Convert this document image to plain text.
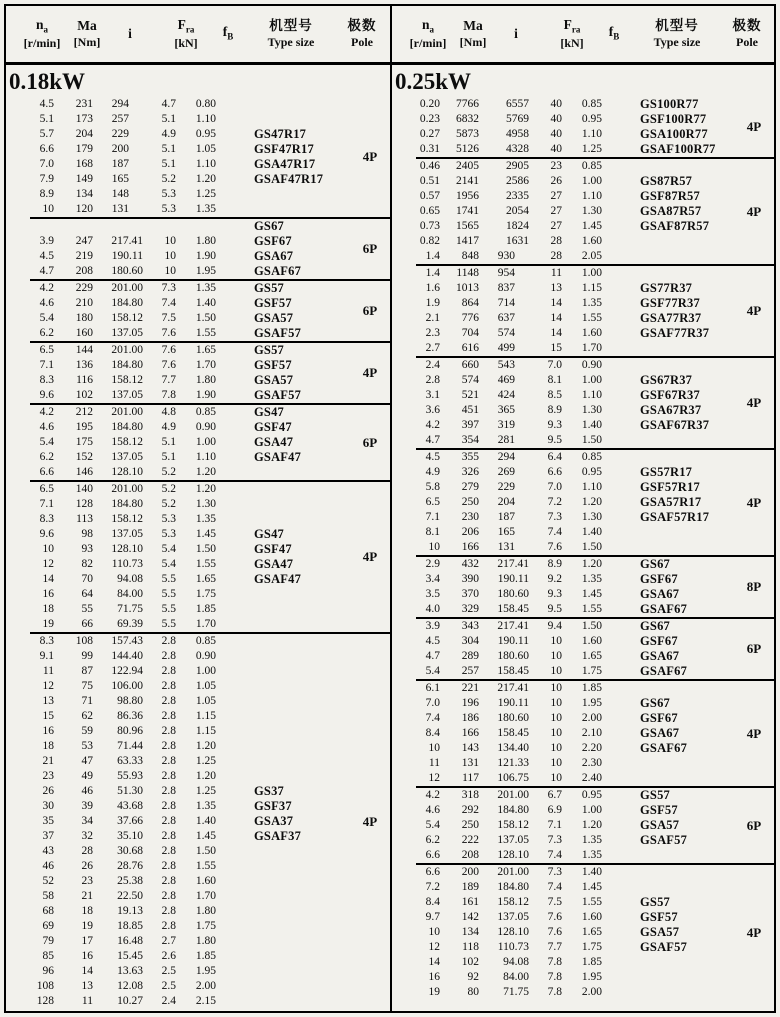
$n_a$
[r/min]
Ma
[Nm]
i
$F_{ra}$
[kN]
$f_B$
机型号
Type size
极数
Pole
0.18kW
4.5	231	294	4.7	0.80
5.1	173	257	5.1	1.10
5.7	204	229	4.9	0.95	GS47R17
6.6	179	200	5.1	1.05	GSF47R17
7.0	168	187	5.1	1.10	GSA47R17
7.9	149	165	5.2	1.20	GSAF47R17
8.9	134	148	5.3	1.25
10	120	131	5.3	1.35
4P
GS67
3.9	247	217.41	10	1.80	GSF67
4.5	219	190.11	10	1.90	GSA67
4.7	208	180.60	10	1.95	GSAF67
6P
4.2	229	201.00	7.3	1.35	GS57
4.6	210	184.80	7.4	1.40	GSF57
5.4	180	158.12	7.5	1.50	GSA57
6.2	160	137.05	7.6	1.55	GSAF57
6P
6.5	144	201.00	7.6	1.65	GS57
7.1	136	184.80	7.6	1.70	GSF57
8.3	116	158.12	7.7	1.80	GSA57
9.6	102	137.05	7.8	1.90	GSAF57
4P
4.2	212	201.00	4.8	0.85	GS47
4.6	195	184.80	4.9	0.90	GSF47
5.4	175	158.12	5.1	1.00	GSA47
6.2	152	137.05	5.1	1.10	GSAF47
6.6	146	128.10	5.2	1.20
6P
6.5	140	201.00	5.2	1.20
7.1	128	184.80	5.2	1.30
8.3	113	158.12	5.3	1.35
9.6	98	137.05	5.3	1.45	GS47
10	93	128.10	5.4	1.50	GSF47
12	82	110.73	5.4	1.55	GSA47
14	70	94.08	5.5	1.65	GSAF47
16	64	84.00	5.5	1.75
18	55	71.75	5.5	1.85
19	66	69.39	5.5	1.70
4P
8.3	108	157.43	2.8	0.85
9.1	99	144.40	2.8	0.90
11	87	122.94	2.8	1.00
12	75	106.00	2.8	1.05
13	71	98.80	2.8	1.05
15	62	86.36	2.8	1.15
16	59	80.96	2.8	1.15
18	53	71.44	2.8	1.20
21	47	63.33	2.8	1.25
23	49	55.93	2.8	1.20
26	46	51.30	2.8	1.25	GS37
30	39	43.68	2.8	1.35	GSF37
35	34	37.66	2.8	1.40	GSA37
37	32	35.10	2.8	1.45	GSAF37
43	28	30.68	2.8	1.50
46	26	28.76	2.8	1.55
52	23	25.38	2.8	1.60
58	21	22.50	2.8	1.70
68	18	19.13	2.8	1.80
69	19	18.85	2.8	1.75
79	17	16.48	2.7	1.80
85	16	15.45	2.6	1.85
96	14	13.63	2.5	1.95
108	13	12.08	2.5	2.00
128	11	10.27	2.4	2.15
4P
$n_a$
[r/min]
Ma
[Nm]
i
$F_{ra}$
[kN]
$f_B$
机型号
Type size
极数
Pole
0.25kW
0.20	7766	6557	40	0.85	GS100R77
0.23	6832	5769	40	0.95	GSF100R77
0.27	5873	4958	40	1.10	GSA100R77
0.31	5126	4328	40	1.25	GSAF100R77
4P
0.46	2405	2905	23	0.85
0.51	2141	2586	26	1.00	GS87R57
0.57	1956	2335	27	1.10	GSF87R57
0.65	1741	2054	27	1.30	GSA87R57
0.73	1565	1824	27	1.45	GSAF87R57
0.82	1417	1631	28	1.60
1.4	848	930	28	2.05
4P
1.4	1148	954	11	1.00
1.6	1013	837	13	1.15	GS77R37
1.9	864	714	14	1.35	GSF77R37
2.1	776	637	14	1.55	GSA77R37
2.3	704	574	14	1.60	GSAF77R37
2.7	616	499	15	1.70
4P
2.4	660	543	7.0	0.90
2.8	574	469	8.1	1.00	GS67R37
3.1	521	424	8.5	1.10	GSF67R37
3.6	451	365	8.9	1.30	GSA67R37
4.2	397	319	9.3	1.40	GSAF67R37
4.7	354	281	9.5	1.50
4P
4.5	355	294	6.4	0.85
4.9	326	269	6.6	0.95	GS57R17
5.8	279	229	7.0	1.10	GSF57R17
6.5	250	204	7.2	1.20	GSA57R17
7.1	230	187	7.3	1.30	GSAF57R17
8.1	206	165	7.4	1.40
10	166	131	7.6	1.50
4P
2.9	432	217.41	8.9	1.20	GS67
3.4	390	190.11	9.2	1.35	GSF67
3.5	370	180.60	9.3	1.45	GSA67
4.0	329	158.45	9.5	1.55	GSAF67
8P
3.9	343	217.41	9.4	1.50	GS67
4.5	304	190.11	10	1.60	GSF67
4.7	289	180.60	10	1.65	GSA67
5.4	257	158.45	10	1.75	GSAF67
6P
6.1	221	217.41	10	1.85
7.0	196	190.11	10	1.95	GS67
7.4	186	180.60	10	2.00	GSF67
8.4	166	158.45	10	2.10	GSA67
10	143	134.40	10	2.20	GSAF67
11	131	121.33	10	2.30
12	117	106.75	10	2.40
4P
4.2	318	201.00	6.7	0.95	GS57
4.6	292	184.80	6.9	1.00	GSF57
5.4	250	158.12	7.1	1.20	GSA57
6.2	222	137.05	7.3	1.35	GSAF57
6.6	208	128.10	7.4	1.35
6P
6.6	200	201.00	7.3	1.40
7.2	189	184.80	7.4	1.45
8.4	161	158.12	7.5	1.55	GS57
9.7	142	137.05	7.6	1.60	GSF57
10	134	128.10	7.6	1.65	GSA57
12	118	110.73	7.7	1.75	GSAF57
14	102	94.08	7.8	1.85
16	92	84.00	7.8	1.95
19	80	71.75	7.8	2.00
4P
